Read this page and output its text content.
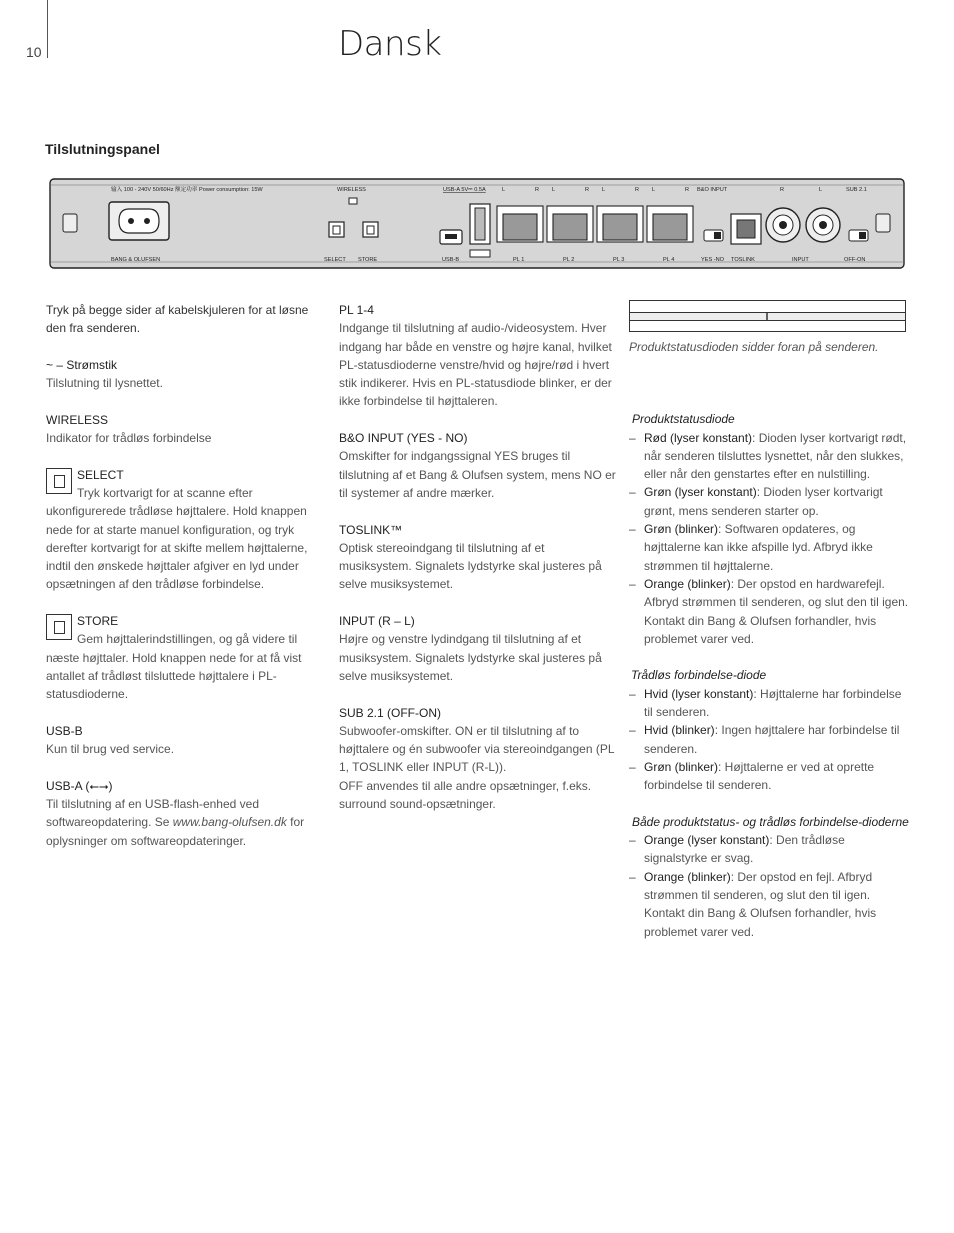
10	Dansk
Tilslutningspanel
输入 100 - 240V 50/60Hz 额定功率 Power consumption: 15W	WIRELESS	USB-A 5V⎓ 0.5A	L	R L	R L	R L	R B&O INPUT	R	L	SUB 2.1
BANG & OLUFSEN	SELECT STORE	USB-B	PL 1	PL 2	PL 3	PL 4	YES -NO TOSLINK	INPUT	OFF-ON

Tryk på begge sider af kabelskjuleren for at løsne den fra senderen.

~ – Strømstik
Tilslutning til lysnettet.

WIRELESS
Indikator for trådløs forbindelse

SELECT
Tryk kortvarigt for at scanne efter ukonfigurerede trådløse højttalere. Hold knappen nede for at starte manuel konfiguration, og tryk derefter kortvarigt for at skifte mellem højttalerne, indtil den ønskede højttaler afgiver en lyd under opsætningen af den trådløse forbindelse.

STORE
Gem højttalerindstillingen, og gå videre til næste højttaler. Hold knappen nede for at få vist antallet af trådløst tilsluttede højttalere i PL-statusdioderne.

USB-B
Kun til brug ved service.

USB-A (⭠⭢)
Til tilslutning af en USB-flash-enhed ved softwareopdatering. Se www.bang-olufsen.dk for oplysninger om softwareopdateringer.

PL 1-4
Indgange til tilslutning af audio-/videosystem. Hver indgang har både en venstre og højre kanal, hvilket PL-statusdioderne venstre/hvid og højre/rød i hvert stik indikerer. Hvis en PL-statusdiode blinker, er der ikke forbindelse til højttaleren.

B&O INPUT (YES - NO)
Omskifter for indgangssignal YES bruges til tilslutning af et Bang & Olufsen system, mens NO er til systemer af andre mærker.

TOSLINK™
Optisk stereoindgang til tilslutning af et musiksystem. Signalets lydstyrke skal justeres på selve musiksystemet.

INPUT (R – L)
Højre og venstre lydindgang til tilslutning af et musiksystem. Signalets lydstyrke skal justeres på selve musiksystemet.

SUB 2.1 (OFF-ON)
Subwoofer-omskifter. ON er til tilslutning af to højttalere og én subwoofer via stereoindgangen (PL 1, TOSLINK eller INPUT (R-L)).
OFF anvendes til alle andre opsætninger, f.eks. surround sound-opsætninger.

Produktstatusdioden sidder foran på senderen.

Produktstatusdiode
– Rød (lyser konstant): Dioden lyser kortvarigt rødt, når senderen tilsluttes lysnettet, når den slukkes, eller når den genstartes efter en nulstilling.
– Grøn (lyser konstant): Dioden lyser kortvarigt grønt, mens senderen starter op.
– Grøn (blinker): Softwaren opdateres, og højttalerne kan ikke afspille lyd. Afbryd ikke strømmen til højttalerne.
– Orange (blinker): Der opstod en hardwarefejl. Afbryd strømmen til senderen, og slut den til igen. Kontakt din Bang & Olufsen forhandler, hvis problemet varer ved.
Trådløs forbindelse-diode
– Hvid (lyser konstant): Højttalerne har forbindelse til senderen.
– Hvid (blinker): Ingen højttalere har forbindelse til senderen.
– Grøn (blinker): Højttalerne er ved at oprette forbindelse til senderen.
Både produktstatus- og trådløs forbindelse-dioderne
– Orange (lyser konstant): Den trådløse signalstyrke er svag.
– Orange (blinker): Der opstod en fejl. Afbryd strømmen til senderen, og slut den til igen. Kontakt din Bang & Olufsen forhandler, hvis problemet varer ved.
